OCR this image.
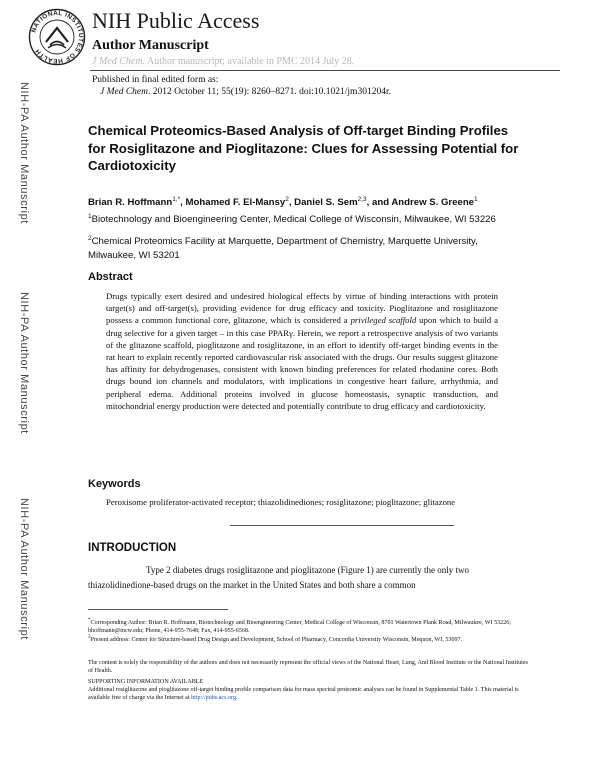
NATIONAL INSTITUTES OF HEALTH
NIH Public Access
Author Manuscript
J Med Chem. Author manuscript; available in PMC 2014 July 28.
Published in final edited form as:
J Med Chem. 2012 October 11; 55(19): 8260–8271. doi:10.1021/jm301204r.
NIH-PA Author Manuscript
NIH-PA Author Manuscript
NIH-PA Author Manuscript
Chemical Proteomics-Based Analysis of Off-target Binding Profiles for Rosiglitazone and Pioglitazone: Clues for Assessing Potential for Cardiotoxicity
Brian R. Hoffmann$^{1,*}$, Mohamed F. El-Mansy$^2$, Daniel S. Sem$^{2,3}$, and Andrew S. Greene$^1$
$^1$Biotechnology and Bioengineering Center, Medical College of Wisconsin, Milwaukee, WI 53226
$^2$Chemical Proteomics Facility at Marquette, Department of Chemistry, Marquette University, Milwaukee, WI 53201
Abstract
Drugs typically exert desired and undesired biological effects by virtue of binding interactions with protein target(s) and off-target(s), providing evidence for drug efficacy and toxicity. Pioglitazone and rosiglitazone possess a common functional core, glitazone, which is considered a privileged scaffold upon which to build a drug selective for a given target – in this case PPARγ. Herein, we report a retrospective analysis of two variants of the glitazone scaffold, pioglitazone and rosiglitazone, in an effort to identify off-target binding events in the rat heart to explain recently reported cardiovascular risk associated with the drugs. Our results suggest glitazone has affinity for dehydrogenases, consistent with known binding preferences for related rhodanine cores. Both drugs bound ion channels and modulators, with implications in congestive heart failure, arrhythmia, and peripheral edema. Additional proteins involved in glucose homeostasis, synaptic transduction, and mitochondrial energy production were detected and potentially contribute to drug efficacy and cardiotoxicity.
Keywords
Peroxisome proliferator-activated receptor; thiazolidinediones; rosiglitazone; pioglitazone; glitazone
INTRODUCTION
Type 2 diabetes drugs rosiglitazone and pioglitazone (Figure 1) are currently the only two thiazolidinedione-based drugs on the market in the United States and both share a common
*Corresponding Author: Brian R. Hoffmann, Biotechnology and Bioengineering Center, Medical College of Wisconsin, 8701 Watertown Plank Road, Milwaukee, WI 53226; bhoffmann@mcw.edu; Phone, 414-955-7648; Fax, 414-955-6568.
$^3$Present address: Center for Structure-based Drug Design and Development, School of Pharmacy, Concordia University Wisconsin, Mequon, WI, 53097.
The content is solely the responsibility of the authors and does not necessarily represent the official views of the National Heart, Lung, And Blood Institute or the National Institutes of Health.
SUPPORTING INFORMATION AVAILABLE
Additional rosiglitazone and pioglitazone off-target binding profile comparison data for mass spectral proteomic analyses can be found in Supplemental Table 1. This material is available free of charge via the Internet at http://pubs.acs.org.
